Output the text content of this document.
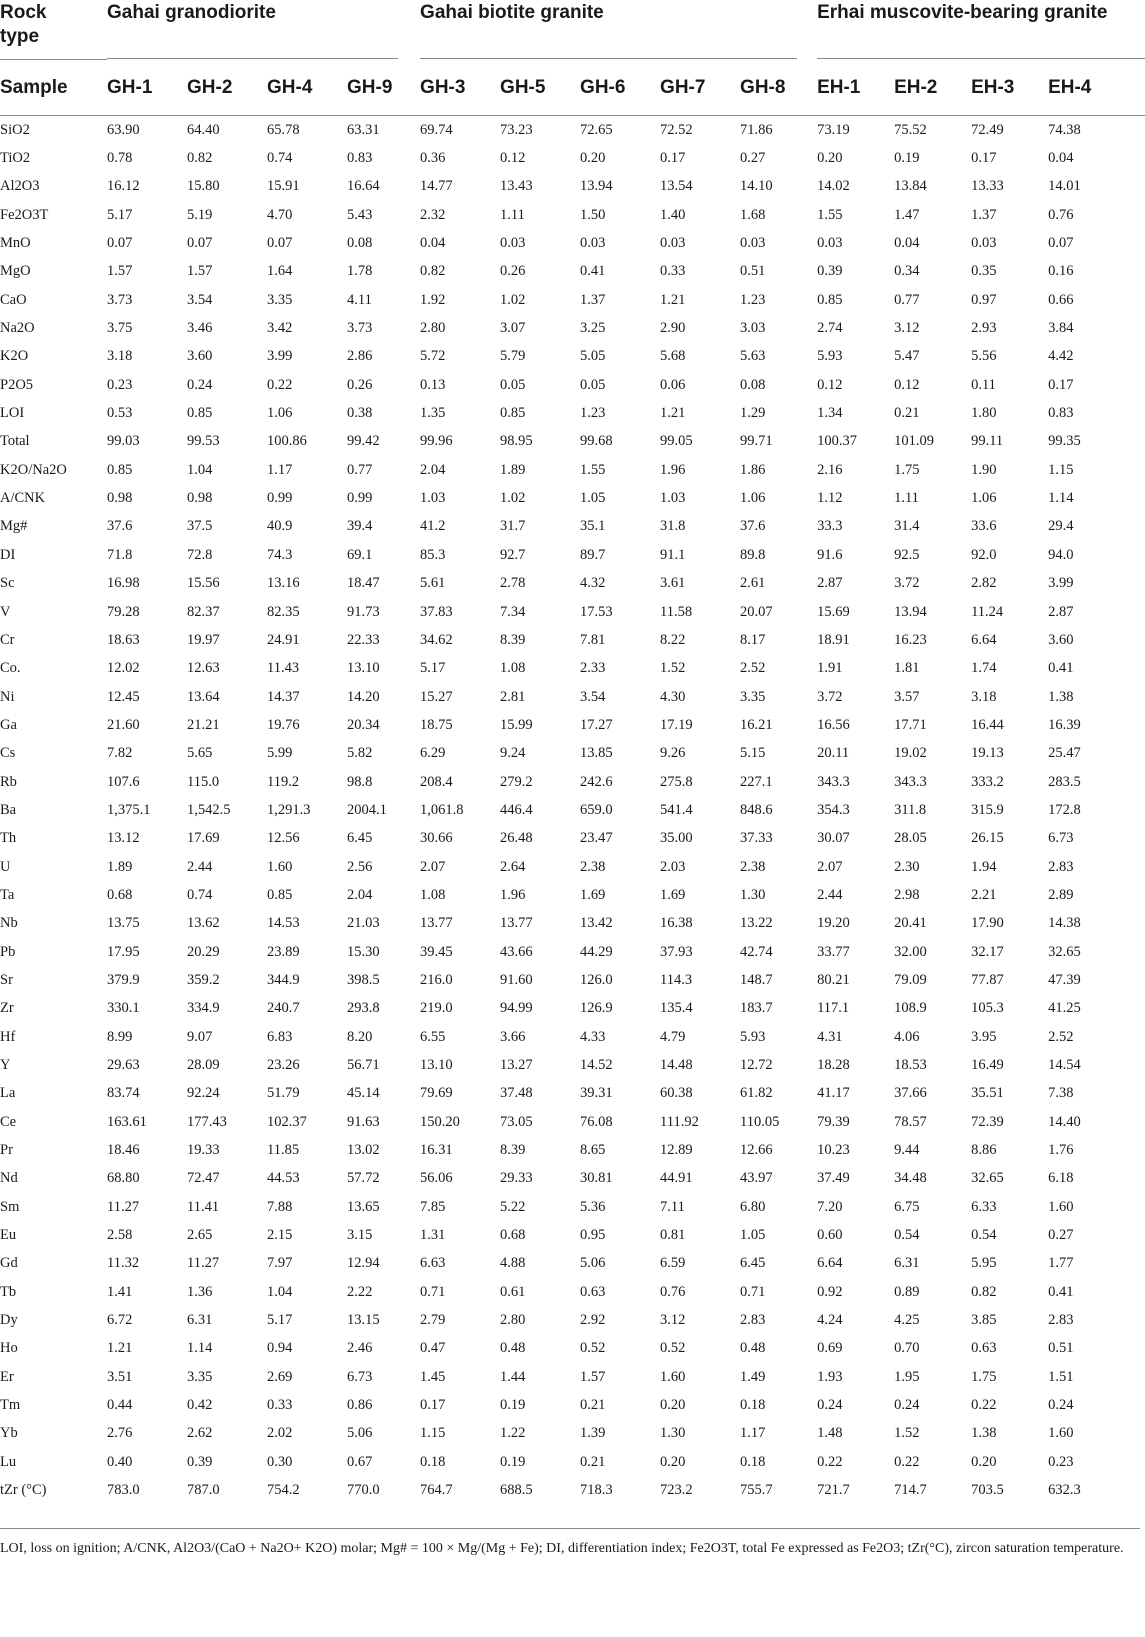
Rock type	Gahai granodiorite				Gahai biotite granite					Erhai muscovite-bearing granite			

Sample	GH-1	GH-2	GH-4	GH-9	GH-3	GH-5	GH-6	GH-7	GH-8	EH-1	EH-2	EH-3	EH-4
SiO2	63.90	64.40	65.78	63.31	69.74	73.23	72.65	72.52	71.86	73.19	75.52	72.49	74.38
TiO2	0.78	0.82	0.74	0.83	0.36	0.12	0.20	0.17	0.27	0.20	0.19	0.17	0.04
Al2O3	16.12	15.80	15.91	16.64	14.77	13.43	13.94	13.54	14.10	14.02	13.84	13.33	14.01
Fe2O3T	5.17	5.19	4.70	5.43	2.32	1.11	1.50	1.40	1.68	1.55	1.47	1.37	0.76
MnO	0.07	0.07	0.07	0.08	0.04	0.03	0.03	0.03	0.03	0.03	0.04	0.03	0.07
MgO	1.57	1.57	1.64	1.78	0.82	0.26	0.41	0.33	0.51	0.39	0.34	0.35	0.16
CaO	3.73	3.54	3.35	4.11	1.92	1.02	1.37	1.21	1.23	0.85	0.77	0.97	0.66
Na2O	3.75	3.46	3.42	3.73	2.80	3.07	3.25	2.90	3.03	2.74	3.12	2.93	3.84
K2O	3.18	3.60	3.99	2.86	5.72	5.79	5.05	5.68	5.63	5.93	5.47	5.56	4.42
P2O5	0.23	0.24	0.22	0.26	0.13	0.05	0.05	0.06	0.08	0.12	0.12	0.11	0.17
LOI	0.53	0.85	1.06	0.38	1.35	0.85	1.23	1.21	1.29	1.34	0.21	1.80	0.83
Total	99.03	99.53	100.86	99.42	99.96	98.95	99.68	99.05	99.71	100.37	101.09	99.11	99.35
K2O/Na2O	0.85	1.04	1.17	0.77	2.04	1.89	1.55	1.96	1.86	2.16	1.75	1.90	1.15
A/CNK	0.98	0.98	0.99	0.99	1.03	1.02	1.05	1.03	1.06	1.12	1.11	1.06	1.14
Mg#	37.6	37.5	40.9	39.4	41.2	31.7	35.1	31.8	37.6	33.3	31.4	33.6	29.4
DI	71.8	72.8	74.3	69.1	85.3	92.7	89.7	91.1	89.8	91.6	92.5	92.0	94.0
Sc	16.98	15.56	13.16	18.47	5.61	2.78	4.32	3.61	2.61	2.87	3.72	2.82	3.99
V	79.28	82.37	82.35	91.73	37.83	7.34	17.53	11.58	20.07	15.69	13.94	11.24	2.87
Cr	18.63	19.97	24.91	22.33	34.62	8.39	7.81	8.22	8.17	18.91	16.23	6.64	3.60
Co.	12.02	12.63	11.43	13.10	5.17	1.08	2.33	1.52	2.52	1.91	1.81	1.74	0.41
Ni	12.45	13.64	14.37	14.20	15.27	2.81	3.54	4.30	3.35	3.72	3.57	3.18	1.38
Ga	21.60	21.21	19.76	20.34	18.75	15.99	17.27	17.19	16.21	16.56	17.71	16.44	16.39
Cs	7.82	5.65	5.99	5.82	6.29	9.24	13.85	9.26	5.15	20.11	19.02	19.13	25.47
Rb	107.6	115.0	119.2	98.8	208.4	279.2	242.6	275.8	227.1	343.3	343.3	333.2	283.5
Ba	1,375.1	1,542.5	1,291.3	2004.1	1,061.8	446.4	659.0	541.4	848.6	354.3	311.8	315.9	172.8
Th	13.12	17.69	12.56	6.45	30.66	26.48	23.47	35.00	37.33	30.07	28.05	26.15	6.73
U	1.89	2.44	1.60	2.56	2.07	2.64	2.38	2.03	2.38	2.07	2.30	1.94	2.83
Ta	0.68	0.74	0.85	2.04	1.08	1.96	1.69	1.69	1.30	2.44	2.98	2.21	2.89
Nb	13.75	13.62	14.53	21.03	13.77	13.77	13.42	16.38	13.22	19.20	20.41	17.90	14.38
Pb	17.95	20.29	23.89	15.30	39.45	43.66	44.29	37.93	42.74	33.77	32.00	32.17	32.65
Sr	379.9	359.2	344.9	398.5	216.0	91.60	126.0	114.3	148.7	80.21	79.09	77.87	47.39
Zr	330.1	334.9	240.7	293.8	219.0	94.99	126.9	135.4	183.7	117.1	108.9	105.3	41.25
Hf	8.99	9.07	6.83	8.20	6.55	3.66	4.33	4.79	5.93	4.31	4.06	3.95	2.52
Y	29.63	28.09	23.26	56.71	13.10	13.27	14.52	14.48	12.72	18.28	18.53	16.49	14.54
La	83.74	92.24	51.79	45.14	79.69	37.48	39.31	60.38	61.82	41.17	37.66	35.51	7.38
Ce	163.61	177.43	102.37	91.63	150.20	73.05	76.08	111.92	110.05	79.39	78.57	72.39	14.40
Pr	18.46	19.33	11.85	13.02	16.31	8.39	8.65	12.89	12.66	10.23	9.44	8.86	1.76
Nd	68.80	72.47	44.53	57.72	56.06	29.33	30.81	44.91	43.97	37.49	34.48	32.65	6.18
Sm	11.27	11.41	7.88	13.65	7.85	5.22	5.36	7.11	6.80	7.20	6.75	6.33	1.60
Eu	2.58	2.65	2.15	3.15	1.31	0.68	0.95	0.81	1.05	0.60	0.54	0.54	0.27
Gd	11.32	11.27	7.97	12.94	6.63	4.88	5.06	6.59	6.45	6.64	6.31	5.95	1.77
Tb	1.41	1.36	1.04	2.22	0.71	0.61	0.63	0.76	0.71	0.92	0.89	0.82	0.41
Dy	6.72	6.31	5.17	13.15	2.79	2.80	2.92	3.12	2.83	4.24	4.25	3.85	2.83
Ho	1.21	1.14	0.94	2.46	0.47	0.48	0.52	0.52	0.48	0.69	0.70	0.63	0.51
Er	3.51	3.35	2.69	6.73	1.45	1.44	1.57	1.60	1.49	1.93	1.95	1.75	1.51
Tm	0.44	0.42	0.33	0.86	0.17	0.19	0.21	0.20	0.18	0.24	0.24	0.22	0.24
Yb	2.76	2.62	2.02	5.06	1.15	1.22	1.39	1.30	1.17	1.48	1.52	1.38	1.60
Lu	0.40	0.39	0.30	0.67	0.18	0.19	0.21	0.20	0.18	0.22	0.22	0.20	0.23
tZr (°C)	783.0	787.0	754.2	770.0	764.7	688.5	718.3	723.2	755.7	721.7	714.7	703.5	632.3
LOI, loss on ignition; A/CNK, Al2O3/(CaO + Na2O+ K2O) molar; Mg# = 100 × Mg/(Mg + Fe); DI, differentiation index; Fe2O3T, total Fe expressed as Fe2O3; tZr(°C), zircon saturation temperature.
